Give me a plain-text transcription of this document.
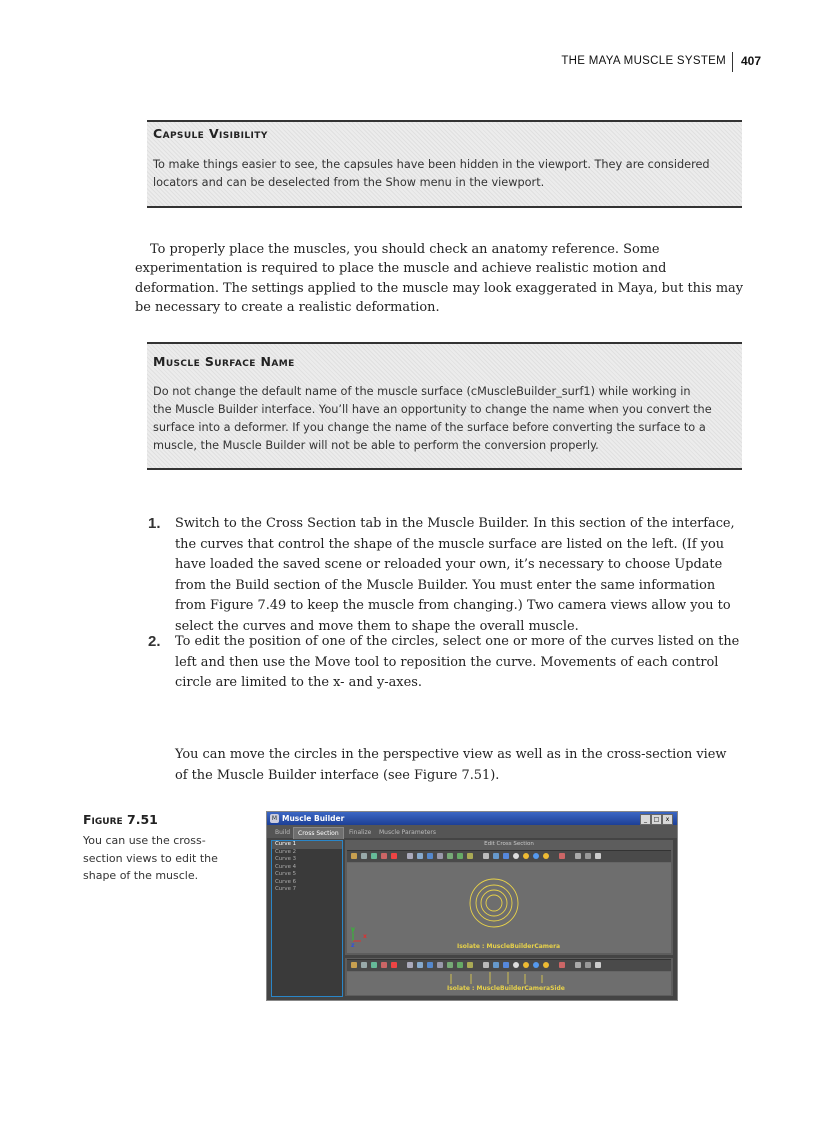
THE MAYA MUSCLE SYSTEM 407
Capsule Visibility
To make things easier to see, the capsules have been hidden in the viewport. They are considered
locators and can be deselected from the Show menu in the viewport.
To properly place the muscles, you should check an anatomy reference. Some experimentation is required to place the muscle and achieve realistic motion and deformation. The settings applied to the muscle may look exaggerated in Maya, but this may be necessary to create a realistic deformation.
Muscle Surface Name
Do not change the default name of the muscle surface (cMuscleBuilder_surf1) while working in
the Muscle Builder interface. You’ll have an opportunity to change the name when you convert the
surface into a deformer. If you change the name of the surface before converting the surface to a
muscle, the Muscle Builder will not be able to perform the conversion properly.
1. Switch to the Cross Section tab in the Muscle Builder. In this section of the interface, the curves that control the shape of the muscle surface are listed on the left. (If you have loaded the saved scene or reloaded your own, it’s necessary to choose Update from the Build section of the Muscle Builder. You must enter the same information from Figure 7.49 to keep the muscle from changing.) Two camera views allow you to select the curves and move them to shape the overall muscle.
2. To edit the position of one of the circles, select one or more of the curves listed on the left and then use the Move tool to reposition the curve. Movements of each control circle are limited to the x- and y-axes.
You can move the circles in the perspective view as well as in the cross-section view of the Muscle Builder interface (see Figure 7.51).
Figure 7.51
You can use the cross-section views to edit the shape of the muscle.
M Muscle Builder	_	□	x
Build	Cross Section	Finalize	Muscle Parameters
Curve 1
Curve 2
Curve 3
Curve 4
Curve 5
Curve 6
Curve 7
Edit Cross Section
x
y
z	Isolate : MuscleBuilderCamera
Isolate : MuscleBuilderCameraSide
